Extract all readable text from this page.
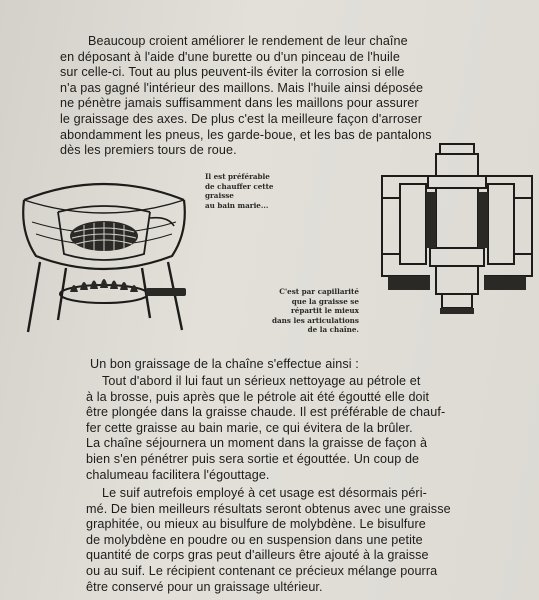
Beaucoup croient améliorer le rendement de leur chaîne
en déposant à l'aide d'une burette ou d'un pinceau de l'huile
sur celle-ci. Tout au plus peuvent-ils éviter la corrosion si elle
n'a pas gagné l'intérieur des maillons. Mais l'huile ainsi déposée
ne pénètre jamais suffisamment dans les maillons pour assurer
le graissage des axes. De plus c'est la meilleure façon d'arroser
abondamment les pneus, les garde-boue, et les bas de pantalons
dès les premiers tours de roue.

Il est préférable
de chauffer cette
graisse
au bain marie...
C'est par capillarité
que la graisse se
répartit le mieux
dans les articulations
de la chaîne.

Un bon graissage de la chaîne s'effectue ainsi :

Tout d'abord il lui faut un sérieux nettoyage au pétrole et
à la brosse, puis après que le pétrole ait été égoutté elle doit
être plongée dans la graisse chaude. Il est préférable de chauf-
fer cette graisse au bain marie, ce qui évitera de la brûler.
La chaîne séjournera un moment dans la graisse de façon à
bien s'en pénétrer puis sera sortie et égouttée. Un coup de
chalumeau facilitera l'égouttage.

Le suif autrefois employé à cet usage est désormais péri-
mé. De bien meilleurs résultats seront obtenus avec une graisse
graphitée, ou mieux au bisulfure de molybdène. Le bisulfure
de molybdène en poudre ou en suspension dans une petite
quantité de corps gras peut d'ailleurs être ajouté à la graisse
ou au suif. Le récipient contenant ce précieux mélange pourra
être conservé pour un graissage ultérieur.
